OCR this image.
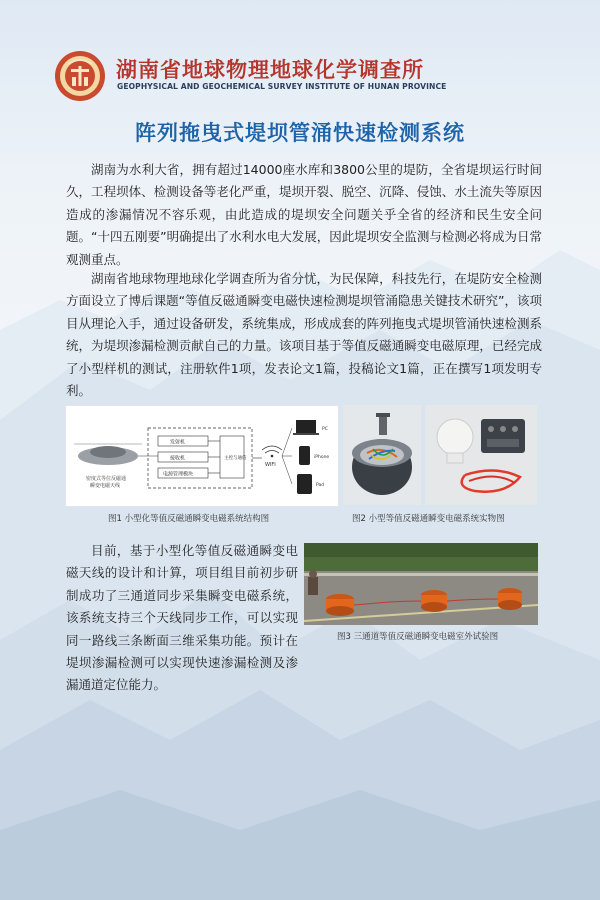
湖南省地球物理地球化学调查所
GEOPHYSICAL AND GEOCHEMICAL SURVEY INSTITUTE OF HUNAN PROVINCE
阵列拖曳式堤坝管涌快速检测系统

湖南为水利大省，拥有超过14000座水库和3800公里的堤防，全省堤坝运行时间久，工程坝体、检测设备等老化严重，堤坝开裂、脱空、沉降、侵蚀、水土流失等原因造成的渗漏情况不容乐观，由此造成的堤坝安全问题关乎全省的经济和民生安全问题。“十四五刚要”明确提出了水利水电大发展，因此堤坝安全监测与检测必将成为日常观测重点。

湖南省地球物理地球化学调查所为省分忧，为民保障，科技先行，在堤防安全检测方面设立了博后课题“等值反磁通瞬变电磁快速检测堤坝管涌隐患关键技术研究”，该项目从理论入手，通过设备研发，系统集成，形成成套的阵列拖曳式堤坝管涌快速检测系统，为堤坝渗漏检测贡献自己的力量。该项目基于等值反磁通瞬变电磁原理，已经完成了小型样机的测试，注册软件1项，发表论文1篇，投稿论文1篇，正在撰写1项发明专利。

密度式等位反磁通
瞬变电磁天线
发射机
接收机
电源管理模块
主控与通信
WIFI
PC
iPhone
Pad
图1 小型化等值反磁通瞬变电磁系统结构图	图2 小型等值反磁通瞬变电磁系统实物图

目前，基于小型化等值反磁通瞬变电磁天线的设计和计算，项目组目前初步研制成功了三通道同步采集瞬变电磁系统，该系统支持三个天线同步工作，可以实现同一路线三条断面三维采集功能。预计在堤坝渗漏检测可以实现快速渗漏检测及渗漏通道定位能力。

图3 三通道等值反磁通瞬变电磁室外试验图
